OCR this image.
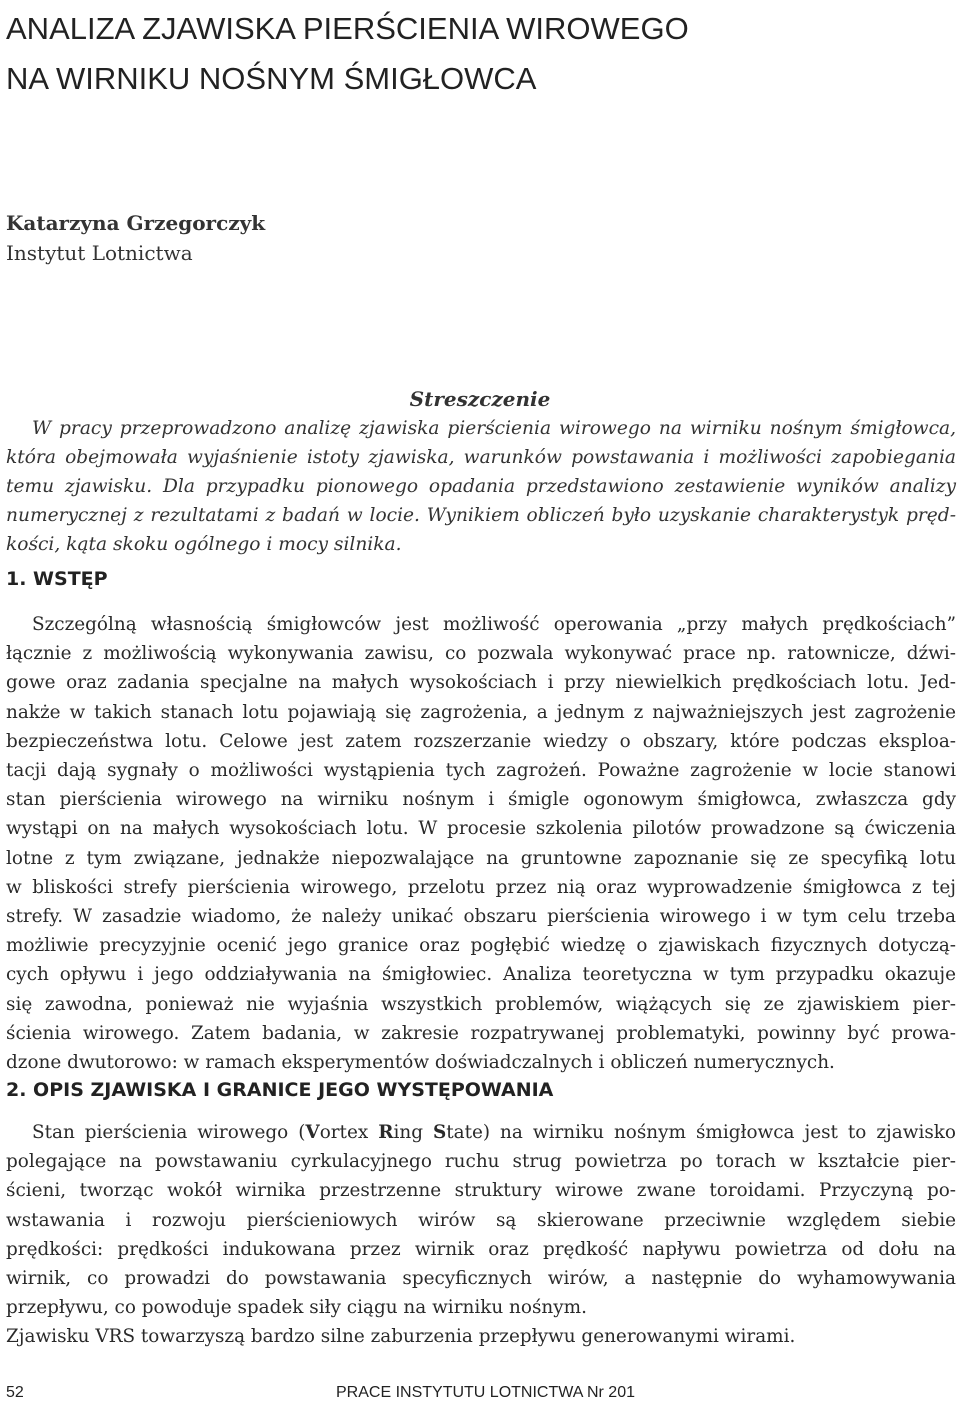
ANALIZA ZJAWISKA PIERŚCIENIA WIROWEGO
NA WIRNIKU NOŚNYM ŚMIGŁOWCA
Katarzyna Grzegorczyk
Instytut Lotnictwa
Streszczenie
W pracy przeprowadzono analizę zjawiska pierścienia wirowego na wirniku nośnym śmigłowca,
która obejmowała wyjaśnienie istoty zjawiska, warunków powstawania i możliwości zapobiegania
temu zjawisku. Dla przypadku pionowego opadania przedstawiono zestawienie wyników analizy
numerycznej z rezultatami z badań w locie. Wynikiem obliczeń było uzyskanie charakterystyk pręd-
kości, kąta skoku ogólnego i mocy silnika.
1. WSTĘP
Szczególną własnością śmigłowców jest możliwość operowania „przy małych prędkościach”
łącznie z możliwością wykonywania zawisu, co pozwala wykonywać prace np. ratownicze, dźwi-
gowe oraz zadania specjalne na małych wysokościach i przy niewielkich prędkościach lotu. Jed-
nakże w takich stanach lotu pojawiają się zagrożenia, a jednym z najważniejszych jest zagrożenie
bezpieczeństwa lotu. Celowe jest zatem rozszerzanie wiedzy o obszary, które podczas eksploa-
tacji dają sygnały o możliwości wystąpienia tych zagrożeń. Poważne zagrożenie w locie stanowi
stan pierścienia wirowego na wirniku nośnym i śmigle ogonowym śmigłowca, zwłaszcza gdy
wystąpi on na małych wysokościach lotu. W procesie szkolenia pilotów prowadzone są ćwiczenia
lotne z tym związane, jednakże niepozwalające na gruntowne zapoznanie się ze specyfiką lotu
w bliskości strefy pierścienia wirowego, przelotu przez nią oraz wyprowadzenie śmigłowca z tej
strefy. W zasadzie wiadomo, że należy unikać obszaru pierścienia wirowego i w tym celu trzeba
możliwie precyzyjnie ocenić jego granice oraz pogłębić wiedzę o zjawiskach fizycznych dotyczą-
cych opływu i jego oddziaływania na śmigłowiec. Analiza teoretyczna w tym przypadku okazuje
się zawodna, ponieważ nie wyjaśnia wszystkich problemów, wiążących się ze zjawiskiem pier-
ścienia wirowego. Zatem badania, w zakresie rozpatrywanej problematyki, powinny być prowa-
dzone dwutorowo: w ramach eksperymentów doświadczalnych i obliczeń numerycznych.
2. OPIS ZJAWISKA I GRANICE JEGO WYSTĘPOWANIA
Stan pierścienia wirowego (Vortex Ring State) na wirniku nośnym śmigłowca jest to zjawisko
polegające na powstawaniu cyrkulacyjnego ruchu strug powietrza po torach w kształcie pier-
ścieni, tworząc wokół wirnika przestrzenne struktury wirowe zwane toroidami. Przyczyną po-
wstawania i rozwoju pierścieniowych wirów są skierowane przeciwnie względem siebie
prędkości: prędkości indukowana przez wirnik oraz prędkość napływu powietrza od dołu na
wirnik, co prowadzi do powstawania specyficznych wirów, a następnie do wyhamowywania
przepływu, co powoduje spadek siły ciągu na wirniku nośnym.
Zjawisku VRS towarzyszą bardzo silne zaburzenia przepływu generowanymi wirami.
52	PRACE INSTYTUTU LOTNICTWA Nr 201
